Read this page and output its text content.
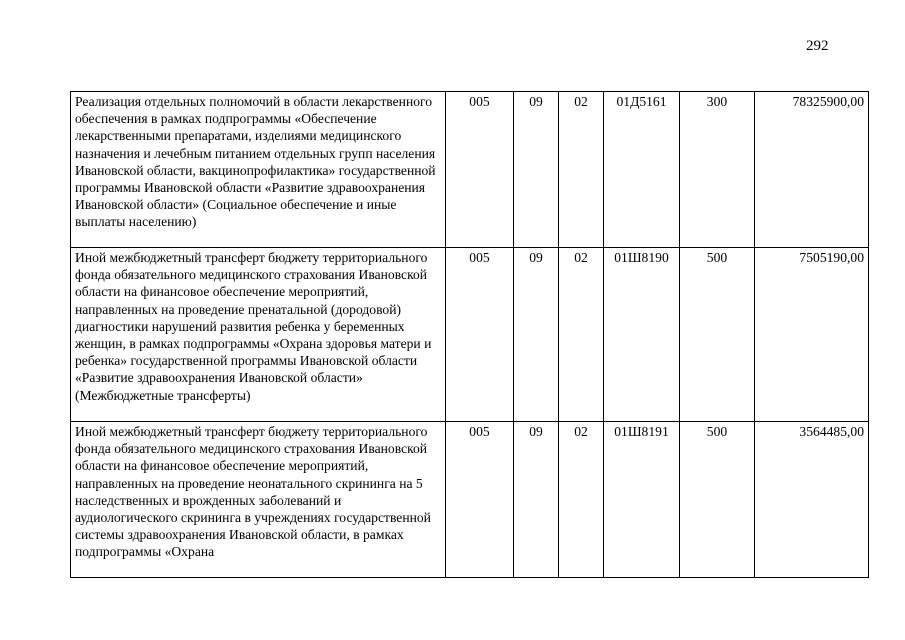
292
Реализация отдельных полномочий в области лекарственного обеспечения в рамках подпрограммы «Обеспечение лекарственными препаратами, изделиями медицинского назначения и лечебным питанием отдельных групп населения Ивановской области, вакцинопрофилактика» государственной программы Ивановской области «Развитие здравоохранения Ивановской области» (Социальное обеспечение и иные выплаты населению)	005	09	02	01Д5161	300	78325900,00
Иной межбюджетный трансферт бюджету территориального фонда обязательного медицинского страхования Ивановской области на финансовое обеспечение мероприятий, направленных на проведение пренатальной (дородовой) диагностики нарушений развития ребенка у беременных женщин, в рамках подпрограммы «Охрана здоровья матери и ребенка» государственной программы Ивановской области «Развитие здравоохранения Ивановской области» (Межбюджетные трансферты)	005	09	02	01Ш8190	500	7505190,00
Иной межбюджетный трансферт бюджету территориального фонда обязательного медицинского страхования Ивановской области на финансовое обеспечение мероприятий, направленных на проведение неонатального скрининга на 5 наследственных и врожденных заболеваний и аудиологического скрининга в учреждениях государственной системы здравоохранения Ивановской области, в рамках подпрограммы «Охрана	005	09	02	01Ш8191	500	3564485,00
